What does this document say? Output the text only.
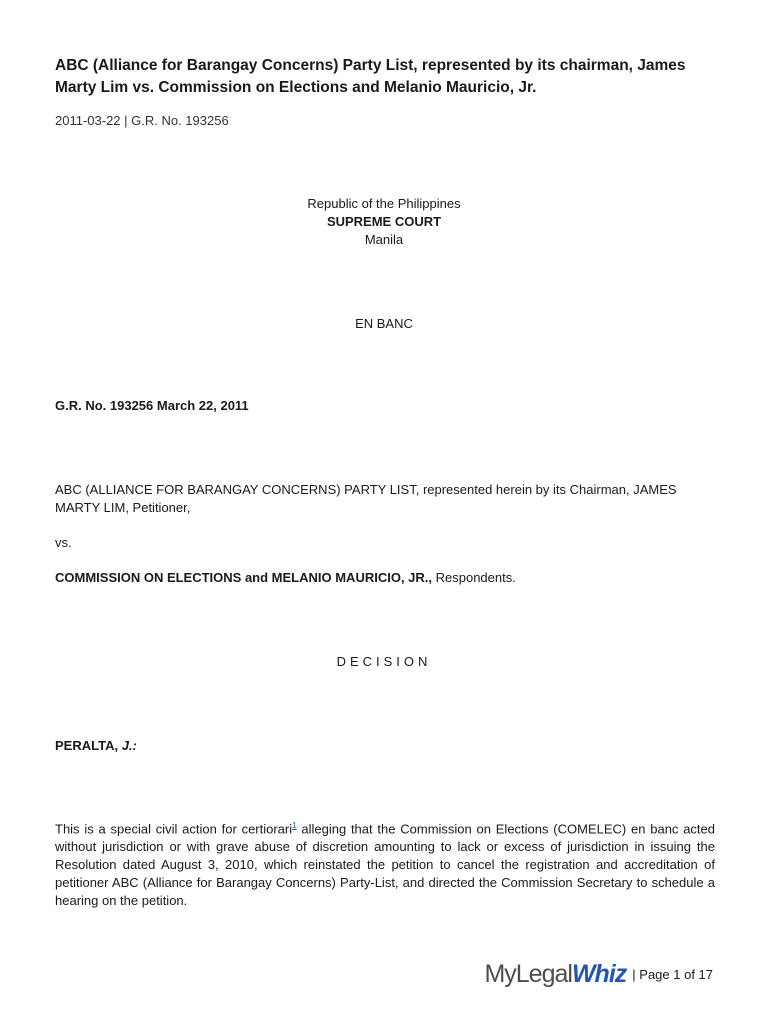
ABC (Alliance for Barangay Concerns) Party List, represented by its chairman, James Marty Lim vs. Commission on Elections and Melanio Mauricio, Jr.
2011-03-22 | G.R. No. 193256
Republic of the Philippines
SUPREME COURT
Manila
EN BANC
G.R. No. 193256 March 22, 2011
ABC (ALLIANCE FOR BARANGAY CONCERNS) PARTY LIST, represented herein by its Chairman, JAMES MARTY LIM, Petitioner,
vs.
COMMISSION ON ELECTIONS and MELANIO MAURICIO, JR., Respondents.
DECISION
PERALTA, J.:
This is a special civil action for certiorari$^1$ alleging that the Commission on Elections (COMELEC) en banc acted without jurisdiction or with grave abuse of discretion amounting to lack or excess of jurisdiction in issuing the Resolution dated August 3, 2010, which reinstated the petition to cancel the registration and accreditation of petitioner ABC (Alliance for Barangay Concerns) Party-List, and directed the Commission Secretary to schedule a hearing on the petition.
MyLegal Whiz | Page 1 of 17
